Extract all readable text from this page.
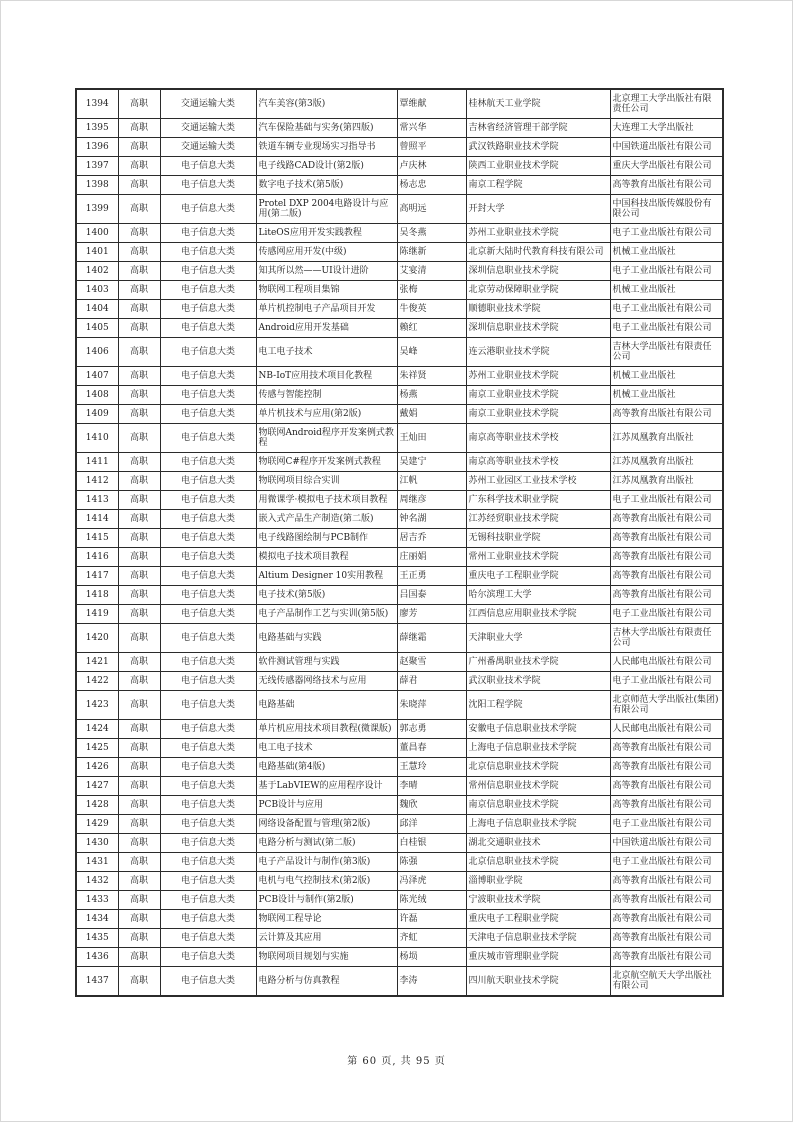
1394	高职	交通运输大类	汽车美容(第3版)	覃维献	桂林航天工业学院	北京理工大学出版社有限责任公司
1395	高职	交通运输大类	汽车保险基础与实务(第四版)	常兴华	吉林省经济管理干部学院	大连理工大学出版社
1396	高职	交通运输大类	铁道车辆专业现场实习指导书	曾照平	武汉铁路职业技术学院	中国铁道出版社有限公司
1397	高职	电子信息大类	电子线路CAD设计(第2版)	卢庆林	陕西工业职业技术学院	重庆大学出版社有限公司
1398	高职	电子信息大类	数字电子技术(第5版)	杨志忠	南京工程学院	高等教育出版社有限公司
1399	高职	电子信息大类	Protel DXP 2004电路设计与应用(第二版)	高明远	开封大学	中国科技出版传媒股份有限公司
1400	高职	电子信息大类	LiteOS应用开发实践教程	吴冬燕	苏州工业职业技术学院	电子工业出版社有限公司
1401	高职	电子信息大类	传感网应用开发(中级)	陈继新	北京新大陆时代教育科技有限公司	机械工业出版社
1402	高职	电子信息大类	知其所以然——UI设计进阶	艾宴清	深圳信息职业技术学院	电子工业出版社有限公司
1403	高职	电子信息大类	物联网工程项目集锦	张梅	北京劳动保障职业学院	机械工业出版社
1404	高职	电子信息大类	单片机控制电子产品项目开发	牛俊英	顺德职业技术学院	电子工业出版社有限公司
1405	高职	电子信息大类	Android应用开发基础	赖红	深圳信息职业技术学院	电子工业出版社有限公司
1406	高职	电子信息大类	电工电子技术	吴峰	连云港职业技术学院	吉林大学出版社有限责任公司
1407	高职	电子信息大类	NB-IoT应用技术项目化教程	朱祥贤	苏州工业职业技术学院	机械工业出版社
1408	高职	电子信息大类	传感与智能控制	杨燕	南京工业职业技术学院	机械工业出版社
1409	高职	电子信息大类	单片机技术与应用(第2版)	戴娟	南京工业职业技术学院	高等教育出版社有限公司
1410	高职	电子信息大类	物联网Android程序开发案例式教程	王灿田	南京高等职业技术学校	江苏凤凰教育出版社
1411	高职	电子信息大类	物联网C#程序开发案例式教程	吴建宁	南京高等职业技术学校	江苏凤凰教育出版社
1412	高职	电子信息大类	物联网项目综合实训	江帆	苏州工业园区工业技术学校	江苏凤凰教育出版社
1413	高职	电子信息大类	用微课学·模拟电子技术项目教程	周继彦	广东科学技术职业学院	电子工业出版社有限公司
1414	高职	电子信息大类	嵌入式产品生产制造(第二版)	钟名湖	江苏经贸职业技术学院	高等教育出版社有限公司
1415	高职	电子信息大类	电子线路图绘制与PCB制作	居吉乔	无锡科技职业学院	高等教育出版社有限公司
1416	高职	电子信息大类	模拟电子技术项目教程	庄丽娟	常州工业职业技术学院	高等教育出版社有限公司
1417	高职	电子信息大类	Altium Designer 10实用教程	王正勇	重庆电子工程职业学院	高等教育出版社有限公司
1418	高职	电子信息大类	电子技术(第5版)	吕国泰	哈尔滨理工大学	高等教育出版社有限公司
1419	高职	电子信息大类	电子产品制作工艺与实训(第5版)	廖芳	江西信息应用职业技术学院	电子工业出版社有限公司
1420	高职	电子信息大类	电路基础与实践	薛继霜	天津职业大学	吉林大学出版社有限责任公司
1421	高职	电子信息大类	软件测试管理与实践	赵聚雪	广州番禺职业技术学院	人民邮电出版社有限公司
1422	高职	电子信息大类	无线传感器网络技术与应用	薛君	武汉职业技术学院	电子工业出版社有限公司
1423	高职	电子信息大类	电路基础	朱晓萍	沈阳工程学院	北京师范大学出版社(集团)有限公司
1424	高职	电子信息大类	单片机应用技术项目教程(微课版)	郭志勇	安徽电子信息职业技术学院	人民邮电出版社有限公司
1425	高职	电子信息大类	电工电子技术	董昌春	上海电子信息职业技术学院	高等教育出版社有限公司
1426	高职	电子信息大类	电路基础(第4版)	王慧玲	北京信息职业技术学院	高等教育出版社有限公司
1427	高职	电子信息大类	基于LabVIEW的应用程序设计	李晴	常州信息职业技术学院	高等教育出版社有限公司
1428	高职	电子信息大类	PCB设计与应用	魏欣	南京信息职业技术学院	高等教育出版社有限公司
1429	高职	电子信息大类	网络设备配置与管理(第2版)	邱洋	上海电子信息职业技术学院	电子工业出版社有限公司
1430	高职	电子信息大类	电路分析与测试(第二版)	白桂银	湖北交通职业技术	中国铁道出版社有限公司
1431	高职	电子信息大类	电子产品设计与制作(第3版)	陈强	北京信息职业技术学院	电子工业出版社有限公司
1432	高职	电子信息大类	电机与电气控制技术(第2版)	冯泽虎	淄博职业学院	高等教育出版社有限公司
1433	高职	电子信息大类	PCB设计与制作(第2版)	陈光绒	宁波职业技术学院	高等教育出版社有限公司
1434	高职	电子信息大类	物联网工程导论	许磊	重庆电子工程职业学院	高等教育出版社有限公司
1435	高职	电子信息大类	云计算及其应用	齐虹	天津电子信息职业技术学院	高等教育出版社有限公司
1436	高职	电子信息大类	物联网项目规划与实施	杨埙	重庆城市管理职业学院	高等教育出版社有限公司
1437	高职	电子信息大类	电路分析与仿真教程	李涛	四川航天职业技术学院	北京航空航天大学出版社有限公司
第 60 页, 共 95 页
